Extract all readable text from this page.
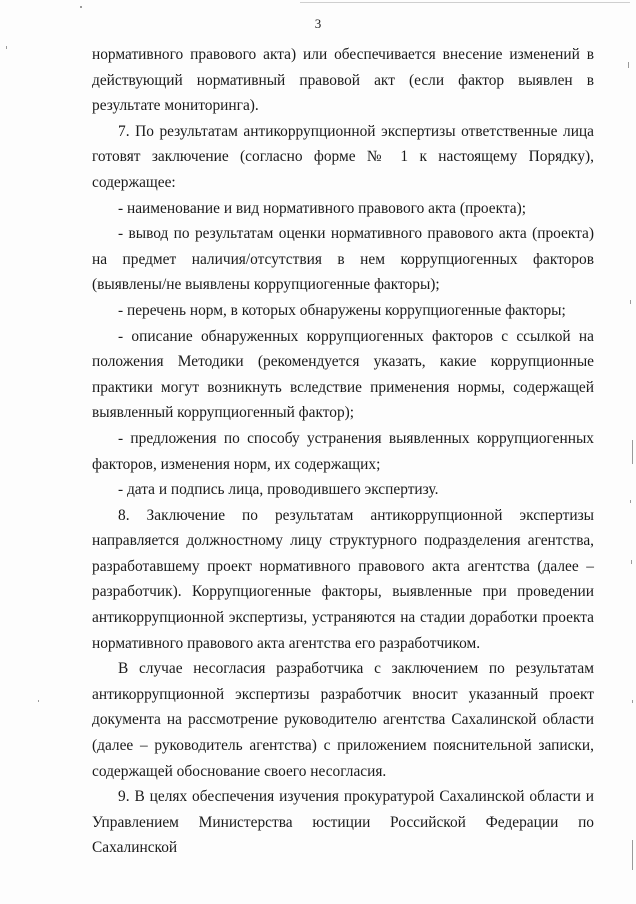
3

нормативного правового акта) или обеспечивается внесение изменений в действующий нормативный правовой акт (если фактор выявлен в результате мониторинга).

7. По результатам антикоррупционной экспертизы ответственные лица готовят заключение (согласно форме № 1 к настоящему Порядку), содержащее:

- наименование и вид нормативного правового акта (проекта);

- вывод по результатам оценки нормативного правового акта (проекта) на предмет наличия/отсутствия в нем коррупциогенных факторов (выявлены/не выявлены коррупциогенные факторы);

- перечень норм, в которых обнаружены коррупциогенные факторы;

- описание обнаруженных коррупциогенных факторов с ссылкой на положения Методики (рекомендуется указать, какие коррупционные практики могут возникнуть вследствие применения нормы, содержащей выявленный коррупциогенный фактор);

- предложения по способу устранения выявленных коррупциогенных факторов, изменения норм, их содержащих;

- дата и подпись лица, проводившего экспертизу.

8. Заключение по результатам антикоррупционной экспертизы направляется должностному лицу структурного подразделения агентства, разработавшему проект нормативного правового акта агентства (далее – разработчик). Коррупциогенные факторы, выявленные при проведении антикоррупционной экспертизы, устраняются на стадии доработки проекта нормативного правового акта агентства его разработчиком.

В случае несогласия разработчика с заключением по результатам антикоррупционной экспертизы разработчик вносит указанный проект документа на рассмотрение руководителю агентства Сахалинской области (далее – руководитель агентства) с приложением пояснительной записки, содержащей обоснование своего несогласия.

9. В целях обеспечения изучения прокуратурой Сахалинской области и Управлением Министерства юстиции Российской Федерации по Сахалинской
